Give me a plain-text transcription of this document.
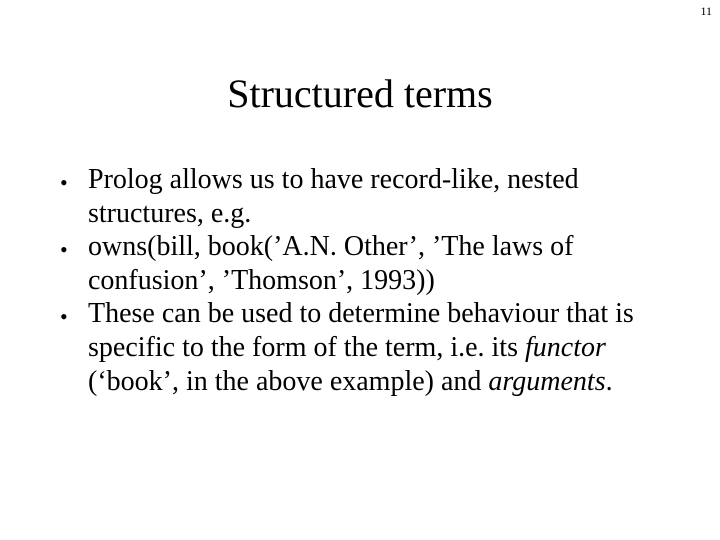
11
Structured terms
• Prolog allows us to have record-like, nested structures, e.g.
• owns(bill, book(’A.N. Other’, ’The laws of confusion’, ’Thomson’, 1993))
• These can be used to determine behaviour that is specific to the form of the term, i.e. its functor (‘book’, in the above example) and arguments.
